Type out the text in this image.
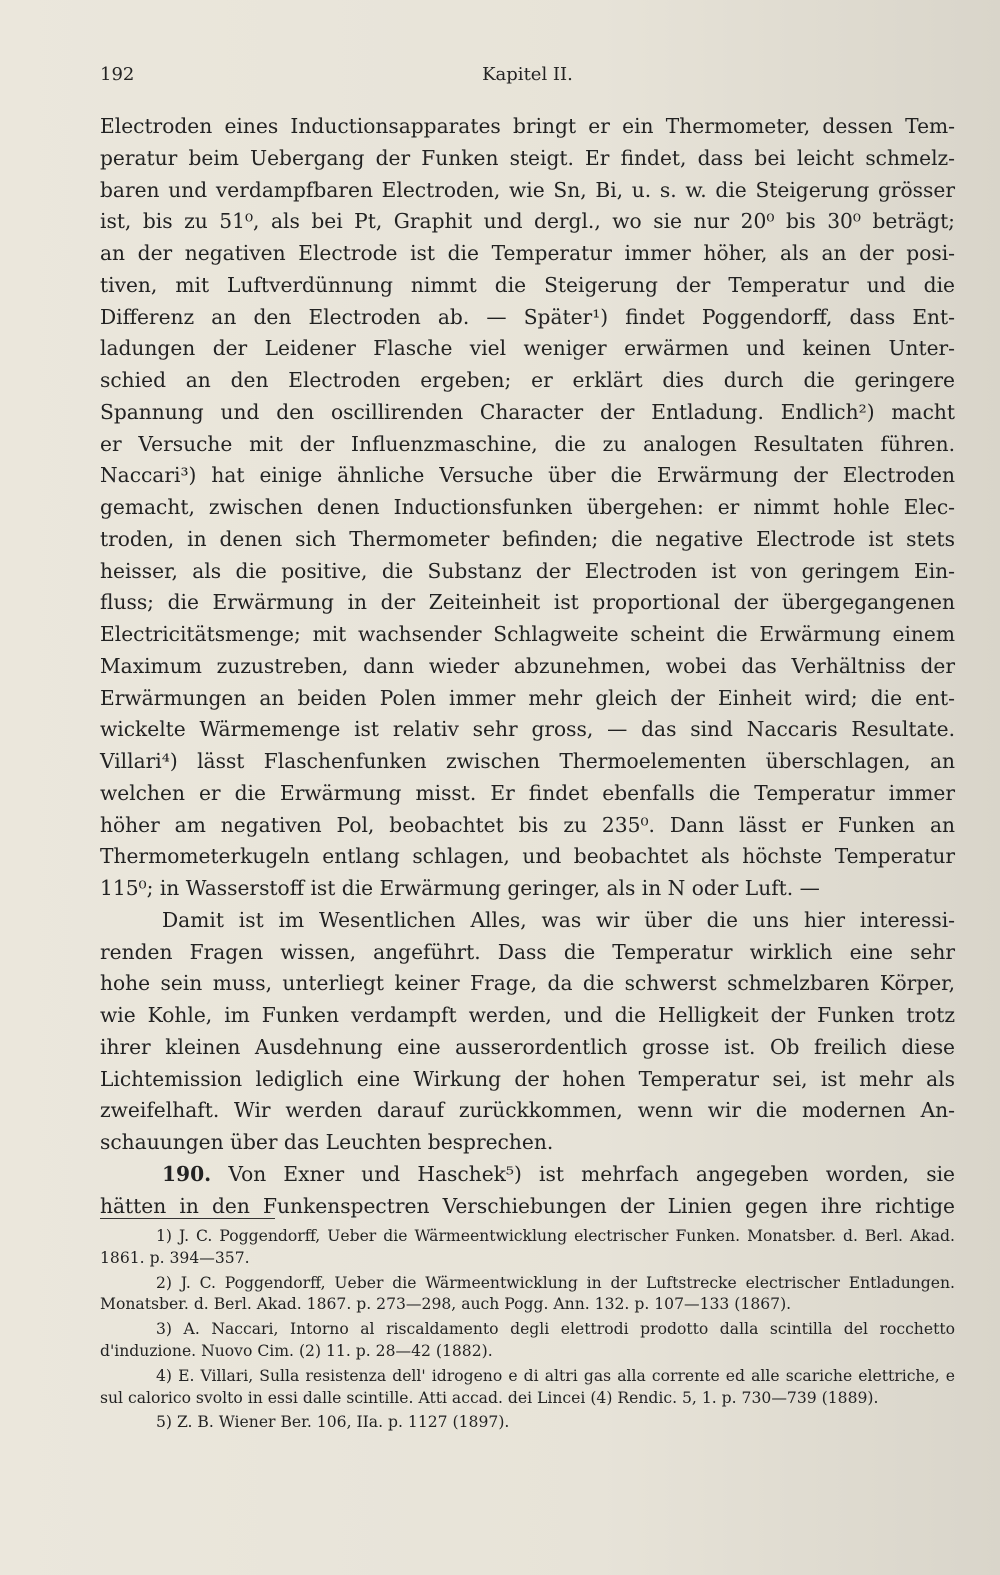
192	Kapitel II.

Electroden eines Inductionsapparates bringt er ein Thermometer, dessen Tem-

peratur beim Uebergang der Funken steigt. Er findet, dass bei leicht schmelz-

baren und verdampfbaren Electroden, wie Sn, Bi, u. s. w. die Steigerung grösser

ist, bis zu 51⁰, als bei Pt, Graphit und dergl., wo sie nur 20⁰ bis 30⁰ beträgt;

an der negativen Electrode ist die Temperatur immer höher, als an der posi-

tiven, mit Luftverdünnung nimmt die Steigerung der Temperatur und die

Differenz an den Electroden ab. — Später¹) findet Poggendorff, dass Ent-

ladungen der Leidener Flasche viel weniger erwärmen und keinen Unter-

schied an den Electroden ergeben; er erklärt dies durch die geringere

Spannung und den oscillirenden Character der Entladung. Endlich²) macht

er Versuche mit der Influenzmaschine, die zu analogen Resultaten führen.

Naccari³) hat einige ähnliche Versuche über die Erwärmung der Electroden

gemacht, zwischen denen Inductionsfunken übergehen: er nimmt hohle Elec-

troden, in denen sich Thermometer befinden; die negative Electrode ist stets

heisser, als die positive, die Substanz der Electroden ist von geringem Ein-

fluss; die Erwärmung in der Zeiteinheit ist proportional der übergegangenen

Electricitätsmenge; mit wachsender Schlagweite scheint die Erwärmung einem

Maximum zuzustreben, dann wieder abzunehmen, wobei das Verhältniss der

Erwärmungen an beiden Polen immer mehr gleich der Einheit wird; die ent-

wickelte Wärmemenge ist relativ sehr gross, — das sind Naccaris Resultate.

Villari⁴) lässt Flaschenfunken zwischen Thermoelementen überschlagen, an

welchen er die Erwärmung misst. Er findet ebenfalls die Temperatur immer

höher am negativen Pol, beobachtet bis zu 235⁰. Dann lässt er Funken an

Thermometerkugeln entlang schlagen, und beobachtet als höchste Temperatur

115⁰; in Wasserstoff ist die Erwärmung geringer, als in N oder Luft. —

Damit ist im Wesentlichen Alles, was wir über die uns hier interessi-

renden Fragen wissen, angeführt. Dass die Temperatur wirklich eine sehr

hohe sein muss, unterliegt keiner Frage, da die schwerst schmelzbaren Körper,

wie Kohle, im Funken verdampft werden, und die Helligkeit der Funken trotz

ihrer kleinen Ausdehnung eine ausserordentlich grosse ist. Ob freilich diese

Lichtemission lediglich eine Wirkung der hohen Temperatur sei, ist mehr als

zweifelhaft. Wir werden darauf zurückkommen, wenn wir die modernen An-

schauungen über das Leuchten besprechen.

190. Von Exner und Haschek⁵) ist mehrfach angegeben worden, sie

hätten in den Funkenspectren Verschiebungen der Linien gegen ihre richtige

1) J. C. Poggendorff, Ueber die Wärmeentwicklung electrischer Funken. Monatsber. d. Berl. Akad. 1861. p. 394—357.

2) J. C. Poggendorff, Ueber die Wärmeentwicklung in der Luftstrecke electrischer Entladungen. Monatsber. d. Berl. Akad. 1867. p. 273—298, auch Pogg. Ann. 132. p. 107—133 (1867).

3) A. Naccari, Intorno al riscaldamento degli elettrodi prodotto dalla scintilla del rocchetto d'induzione. Nuovo Cim. (2) 11. p. 28—42 (1882).

4) E. Villari, Sulla resistenza dell' idrogeno e di altri gas alla corrente ed alle scariche elettriche, e sul calorico svolto in essi dalle scintille. Atti accad. dei Lincei (4) Rendic. 5, 1. p. 730—739 (1889).

5) Z. B. Wiener Ber. 106, IIa. p. 1127 (1897).
